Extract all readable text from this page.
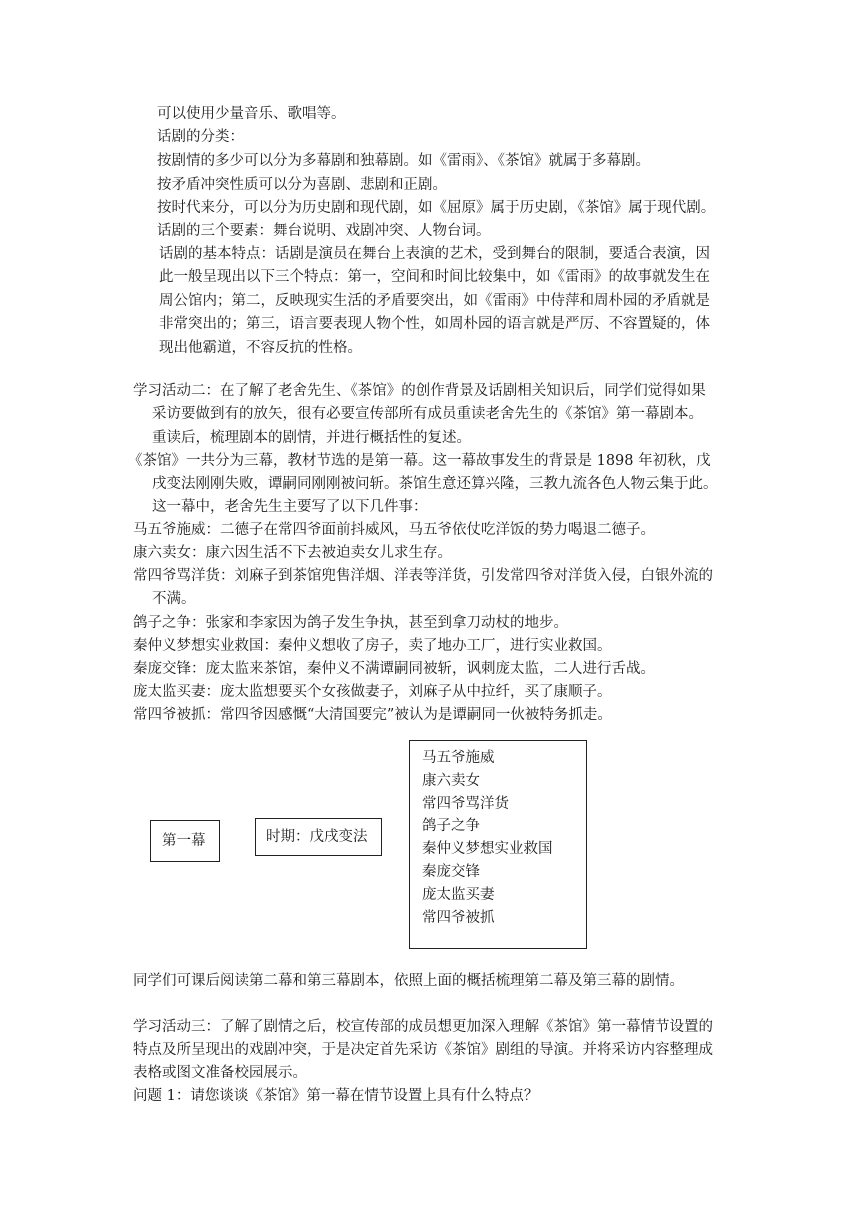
可以使用少量音乐、歌唱等。
话剧的分类：
按剧情的多少可以分为多幕剧和独幕剧。如《雷雨》、《茶馆》就属于多幕剧。
按矛盾冲突性质可以分为喜剧、悲剧和正剧。
按时代来分，可以分为历史剧和现代剧，如《屈原》属于历史剧，《茶馆》属于现代剧。
话剧的三个要素：舞台说明、戏剧冲突、人物台词。
话剧的基本特点：话剧是演员在舞台上表演的艺术，受到舞台的限制，要适合表演，因
此一般呈现出以下三个特点：第一，空间和时间比较集中，如《雷雨》的故事就发生在
周公馆内；第二，反映现实生活的矛盾要突出，如《雷雨》中侍萍和周朴园的矛盾就是
非常突出的；第三，语言要表现人物个性，如周朴园的语言就是严厉、不容置疑的，体
现出他霸道，不容反抗的性格。
学习活动二：在了解了老舍先生、《茶馆》的创作背景及话剧相关知识后，同学们觉得如果
采访要做到有的放矢，很有必要宣传部所有成员重读老舍先生的《茶馆》第一幕剧本。
重读后，梳理剧本的剧情，并进行概括性的复述。
《茶馆》一共分为三幕，教材节选的是第一幕。这一幕故事发生的背景是 1898 年初秋，戊
戌变法刚刚失败，谭嗣同刚刚被问斩。茶馆生意还算兴隆，三教九流各色人物云集于此。
这一幕中，老舍先生主要写了以下几件事：
马五爷施威：二德子在常四爷面前抖威风，马五爷依仗吃洋饭的势力喝退二德子。
康六卖女：康六因生活不下去被迫卖女儿求生存。
常四爷骂洋货：刘麻子到茶馆兜售洋烟、洋表等洋货，引发常四爷对洋货入侵，白银外流的
不满。
鸽子之争：张家和李家因为鸽子发生争执，甚至到拿刀动杖的地步。
秦仲义梦想实业救国：秦仲义想收了房子，卖了地办工厂，进行实业救国。
秦庞交锋：庞太监来茶馆，秦仲义不满谭嗣同被斩，讽刺庞太监，二人进行舌战。
庞太监买妻：庞太监想要买个女孩做妻子，刘麻子从中拉纤，买了康顺子。
常四爷被抓：常四爷因感慨“大清国要完”被认为是谭嗣同一伙被特务抓走。
第一幕	时期：戊戌变法
马五爷施威
康六卖女
常四爷骂洋货
鸽子之争
秦仲义梦想实业救国
秦庞交锋
庞太监买妻
常四爷被抓
同学们可课后阅读第二幕和第三幕剧本，依照上面的概括梳理第二幕及第三幕的剧情。
学习活动三：了解了剧情之后，校宣传部的成员想更加深入理解《茶馆》第一幕情节设置的
特点及所呈现出的戏剧冲突，于是决定首先采访《茶馆》剧组的导演。并将采访内容整理成
表格或图文准备校园展示。
问题 1：请您谈谈《茶馆》第一幕在情节设置上具有什么特点？
